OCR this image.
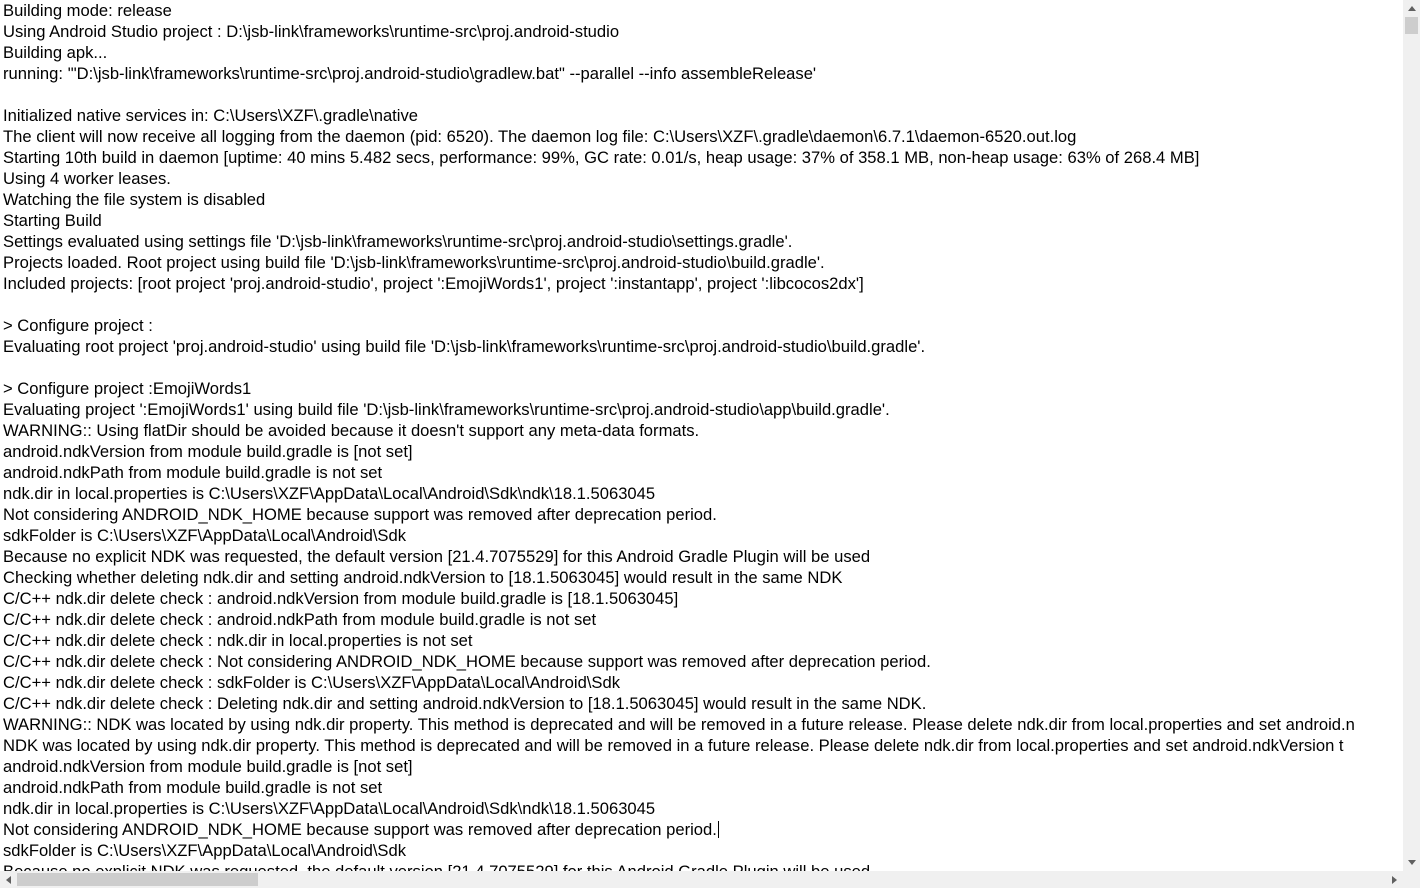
Building mode: release
Using Android Studio project : D:\jsb-link\frameworks\runtime-src\proj.android-studio
Building apk...
running: '"D:\jsb-link\frameworks\runtime-src\proj.android-studio\gradlew.bat" --parallel --info assembleRelease'
Initialized native services in: C:\Users\XZF\.gradle\native
The client will now receive all logging from the daemon (pid: 6520). The daemon log file: C:\Users\XZF\.gradle\daemon\6.7.1\daemon-6520.out.log
Starting 10th build in daemon [uptime: 40 mins 5.482 secs, performance: 99%, GC rate: 0.01/s, heap usage: 37% of 358.1 MB, non-heap usage: 63% of 268.4 MB]
Using 4 worker leases.
Watching the file system is disabled
Starting Build
Settings evaluated using settings file 'D:\jsb-link\frameworks\runtime-src\proj.android-studio\settings.gradle'.
Projects loaded. Root project using build file 'D:\jsb-link\frameworks\runtime-src\proj.android-studio\build.gradle'.
Included projects: [root project 'proj.android-studio', project ':EmojiWords1', project ':instantapp', project ':libcocos2dx']
> Configure project :
Evaluating root project 'proj.android-studio' using build file 'D:\jsb-link\frameworks\runtime-src\proj.android-studio\build.gradle'.
> Configure project :EmojiWords1
Evaluating project ':EmojiWords1' using build file 'D:\jsb-link\frameworks\runtime-src\proj.android-studio\app\build.gradle'.
WARNING:: Using flatDir should be avoided because it doesn't support any meta-data formats.
android.ndkVersion from module build.gradle is [not set]
android.ndkPath from module build.gradle is not set
ndk.dir in local.properties is C:\Users\XZF\AppData\Local\Android\Sdk\ndk\18.1.5063045
Not considering ANDROID_NDK_HOME because support was removed after deprecation period.
sdkFolder is C:\Users\XZF\AppData\Local\Android\Sdk
Because no explicit NDK was requested, the default version [21.4.7075529] for this Android Gradle Plugin will be used
Checking whether deleting ndk.dir and setting android.ndkVersion to [18.1.5063045] would result in the same NDK
C/C++ ndk.dir delete check : android.ndkVersion from module build.gradle is [18.1.5063045]
C/C++ ndk.dir delete check : android.ndkPath from module build.gradle is not set
C/C++ ndk.dir delete check : ndk.dir in local.properties is not set
C/C++ ndk.dir delete check : Not considering ANDROID_NDK_HOME because support was removed after deprecation period.
C/C++ ndk.dir delete check : sdkFolder is C:\Users\XZF\AppData\Local\Android\Sdk
C/C++ ndk.dir delete check : Deleting ndk.dir and setting android.ndkVersion to [18.1.5063045] would result in the same NDK.
WARNING:: NDK was located by using ndk.dir property. This method is deprecated and will be removed in a future release. Please delete ndk.dir from local.properties and set android.n
NDK was located by using ndk.dir property. This method is deprecated and will be removed in a future release. Please delete ndk.dir from local.properties and set android.ndkVersion t
android.ndkVersion from module build.gradle is [not set]
android.ndkPath from module build.gradle is not set
ndk.dir in local.properties is C:\Users\XZF\AppData\Local\Android\Sdk\ndk\18.1.5063045
Not considering ANDROID_NDK_HOME because support was removed after deprecation period.
sdkFolder is C:\Users\XZF\AppData\Local\Android\Sdk
